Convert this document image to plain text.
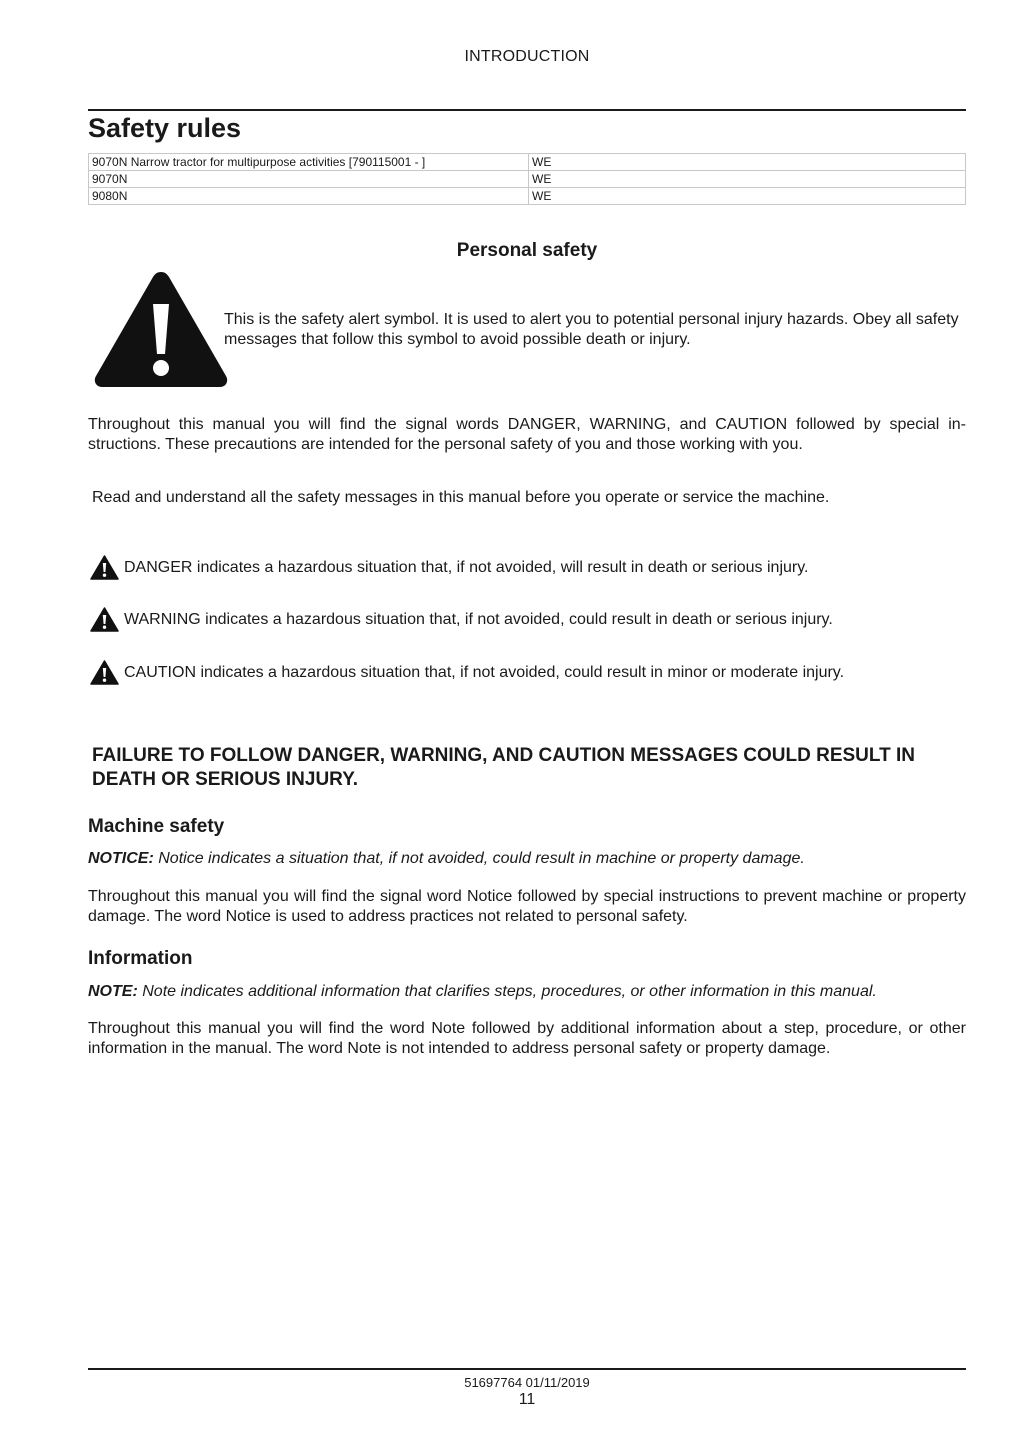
INTRODUCTION
Safety rules
9070N Narrow tractor for multipurpose activities [790115001 - ]	WE
9070N	WE
9080N	WE
Personal safety
This is the safety alert symbol. It is used to alert you to potential personal injury hazards. Obey all safety messages that follow this symbol to avoid possible death or injury.
Throughout this manual you will find the signal words DANGER, WARNING, and CAUTION followed by special in-structions. These precautions are intended for the personal safety of you and those working with you.
Read and understand all the safety messages in this manual before you operate or service the machine.
DANGER indicates a hazardous situation that, if not avoided, will result in death or serious injury.
WARNING indicates a hazardous situation that, if not avoided, could result in death or serious injury.
CAUTION indicates a hazardous situation that, if not avoided, could result in minor or moderate injury.
FAILURE TO FOLLOW DANGER, WARNING, AND CAUTION MESSAGES COULD RESULT IN DEATH OR SERIOUS INJURY.
Machine safety
NOTICE: Notice indicates a situation that, if not avoided, could result in machine or property damage.
Throughout this manual you will find the signal word Notice followed by special instructions to prevent machine or property damage. The word Notice is used to address practices not related to personal safety.
Information
NOTE: Note indicates additional information that clarifies steps, procedures, or other information in this manual.
Throughout this manual you will find the word Note followed by additional information about a step, procedure, or other information in the manual. The word Note is not intended to address personal safety or property damage.
51697764 01/11/2019
11
